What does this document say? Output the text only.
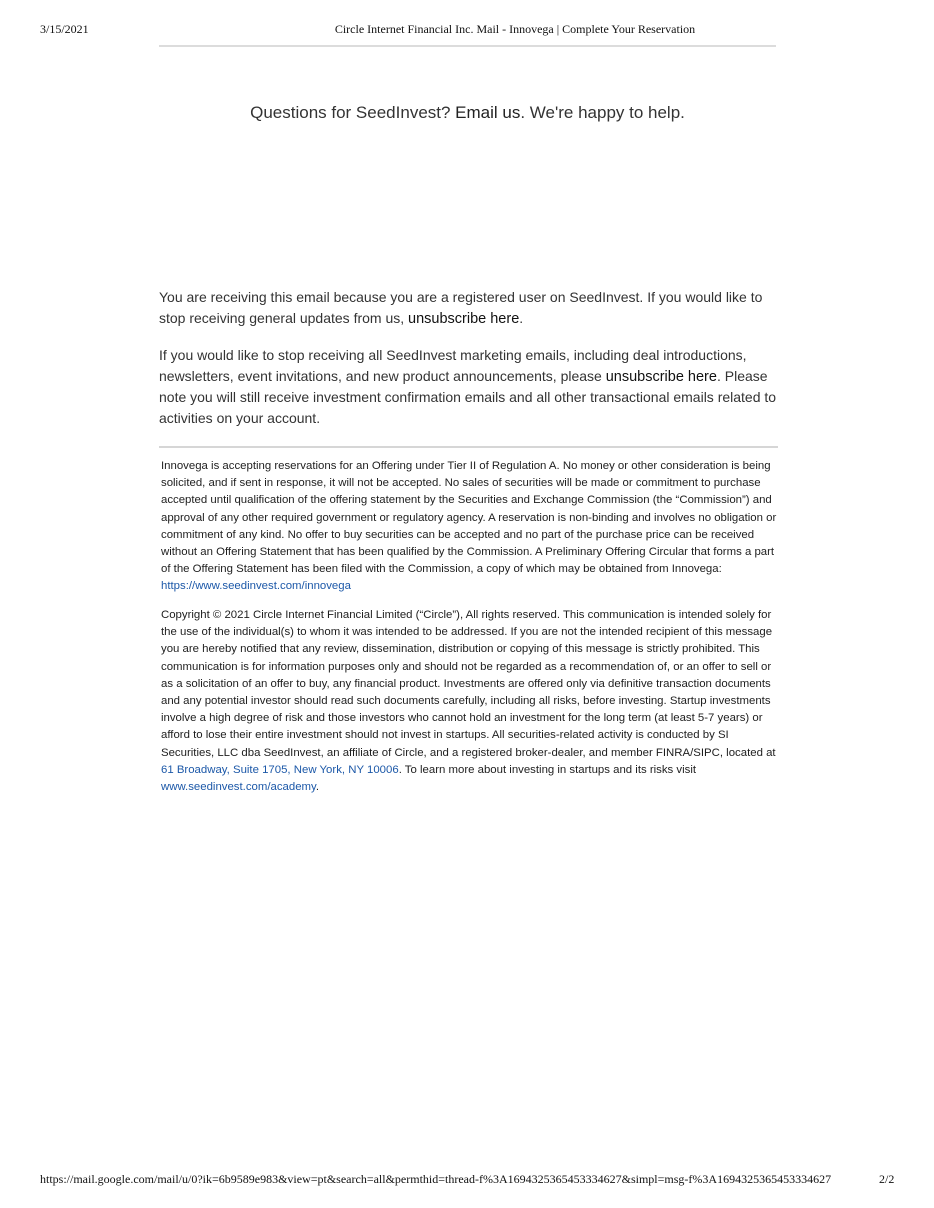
3/15/2021	Circle Internet Financial Inc. Mail - Innovega | Complete Your Reservation
Questions for SeedInvest? Email us. We're happy to help.
You are receiving this email because you are a registered user on SeedInvest. If you would like to stop receiving general updates from us, unsubscribe here.
If you would like to stop receiving all SeedInvest marketing emails, including deal introductions, newsletters, event invitations, and new product announcements, please unsubscribe here. Please note you will still receive investment confirmation emails and all other transactional emails related to activities on your account.
Innovega is accepting reservations for an Offering under Tier II of Regulation A. No money or other consideration is being solicited, and if sent in response, it will not be accepted. No sales of securities will be made or commitment to purchase accepted until qualification of the offering statement by the Securities and Exchange Commission (the “Commission”) and approval of any other required government or regulatory agency. A reservation is non-binding and involves no obligation or commitment of any kind. No offer to buy securities can be accepted and no part of the purchase price can be received without an Offering Statement that has been qualified by the Commission. A Preliminary Offering Circular that forms a part of the Offering Statement has been filed with the Commission, a copy of which may be obtained from Innovega: https://www.seedinvest.com/innovega
Copyright © 2021 Circle Internet Financial Limited (“Circle”), All rights reserved. This communication is intended solely for the use of the individual(s) to whom it was intended to be addressed. If you are not the intended recipient of this message you are hereby notified that any review, dissemination, distribution or copying of this message is strictly prohibited. This communication is for information purposes only and should not be regarded as a recommendation of, or an offer to sell or as a solicitation of an offer to buy, any financial product. Investments are offered only via definitive transaction documents and any potential investor should read such documents carefully, including all risks, before investing. Startup investments involve a high degree of risk and those investors who cannot hold an investment for the long term (at least 5-7 years) or afford to lose their entire investment should not invest in startups. All securities-related activity is conducted by SI Securities, LLC dba SeedInvest, an affiliate of Circle, and a registered broker-dealer, and member FINRA/SIPC, located at 61 Broadway, Suite 1705, New York, NY 10006. To learn more about investing in startups and its risks visit www.seedinvest.com/academy.
https://mail.google.com/mail/u/0?ik=6b9589e983&view=pt&search=all&permthid=thread-f%3A1694325365453334627&simpl=msg-f%3A1694325365453334627	2/2
